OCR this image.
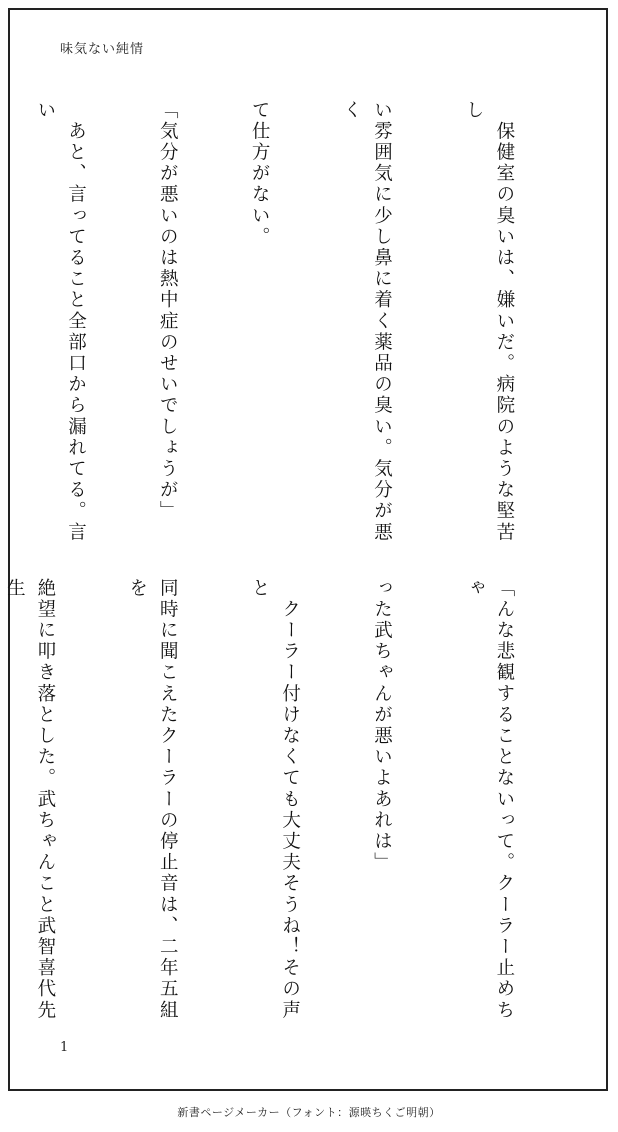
味気ない純情

　保健室の臭いは、嫌いだ。病院のような堅苦し

い雰囲気に少し鼻に着く薬品の臭い。気分が悪く

て仕方がない。

「気分が悪いのは熱中症のせいでしょうが」

　あと、言ってること全部口から漏れてる。言い

「んな悲観することないって。クーラー止めちゃ

った武ちゃんが悪いよあれは」

　クーラー付けなくても大丈夫そうね！その声と

同時に聞こえたクーラーの停止音は、二年五組を

絶望に叩き落とした。武ちゃんこと武智喜代先生

1
新書ページメーカー（フォント：源暎ちくご明朝）
